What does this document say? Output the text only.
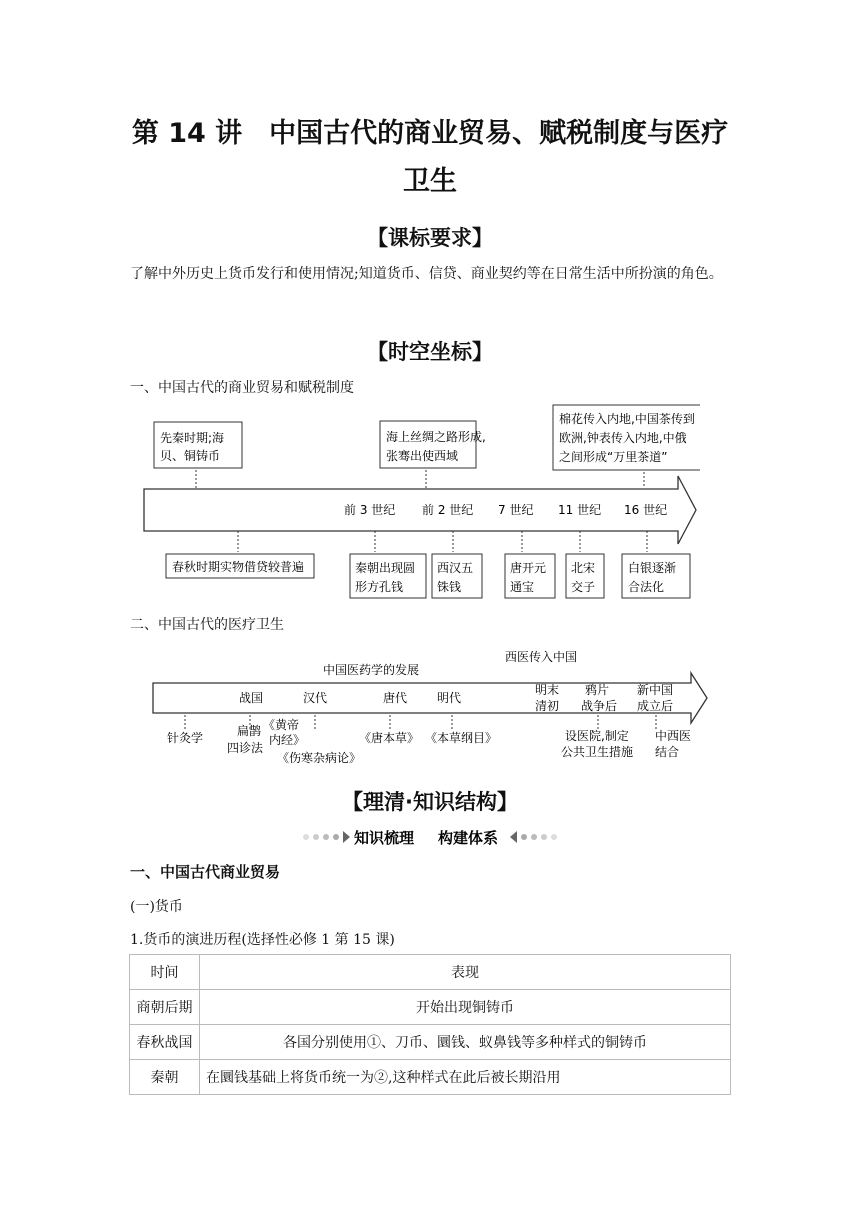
第 14 讲　中国古代的商业贸易、赋税制度与医疗卫生
【课标要求】
了解中外历史上货币发行和使用情况;知道货币、信贷、商业契约等在日常生活中所扮演的角色。
【时空坐标】
一、中国古代的商业贸易和赋税制度
先秦时期;海
贝、铜铸币
海上丝绸之路形成,
张骞出使西域
棉花传入内地,中国茶传到
欧洲,钟表传入内地,中俄
之间形成“万里茶道”
前 3 世纪 前 2 世纪 7 世纪 11 世纪 16 世纪
春秋时期实物借贷较普遍	秦朝出现圆
形方孔钱
西汉五
铢钱
唐开元
通宝
北宋
交子
白银逐渐
合法化
二、中国古代的医疗卫生
西医传入中国
中国医药学的发展
战国	汉代	唐代 明代
明末
清初
鸦片
战争后
新中国
成立后
针灸学	扁鹊
四诊法
《黄帝
内经》
《伤寒杂病论》
《唐本草》 《本草纲目》	设医院,制定
公共卫生措施
中西医
结合
【理清·知识结构】
知识梳理 构建体系
一、中国古代商业贸易
(一)货币
1.货币的演进历程(选择性必修 1 第 15 课)
时间	表现
商朝后期	开始出现铜铸币
春秋战国	各国分别使用①、刀币、圜钱、蚁鼻钱等多种样式的铜铸币
秦朝	在圜钱基础上将货币统一为②,这种样式在此后被长期沿用
